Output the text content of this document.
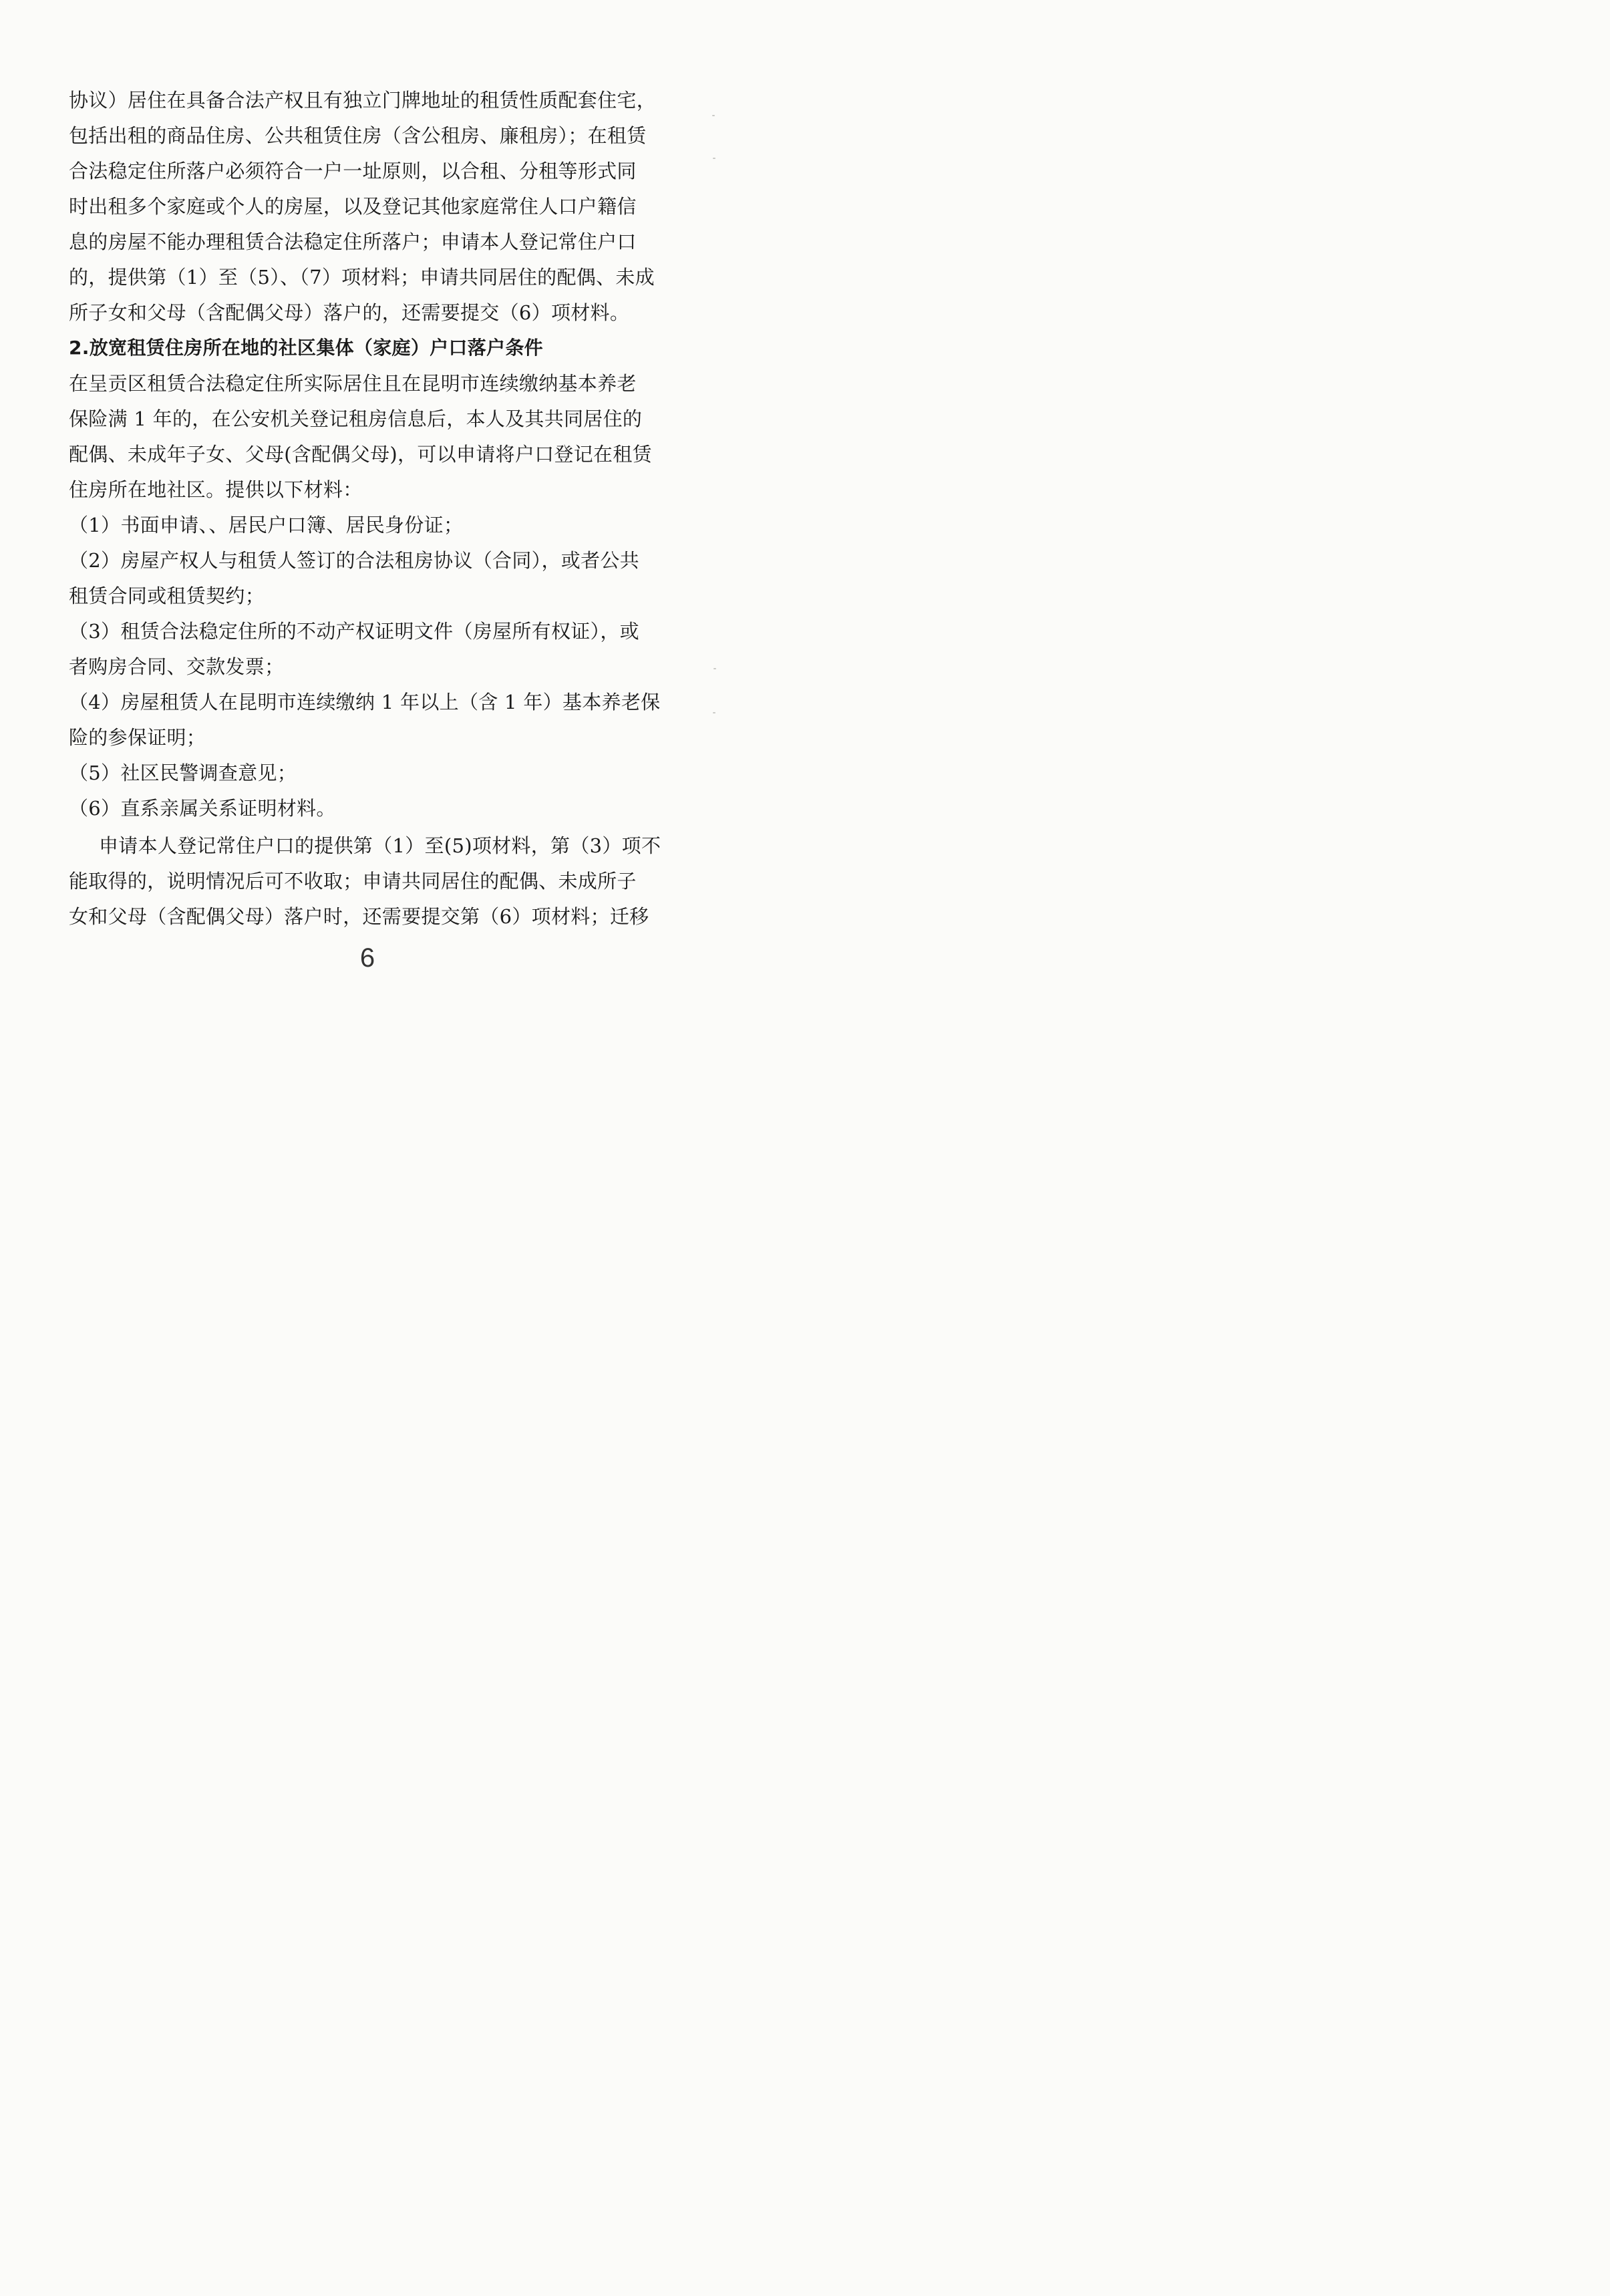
协议）居住在具备合法产权且有独立门牌地址的租赁性质配套住宅，
包括出租的商品住房、公共租赁住房（含公租房、廉租房）；在租赁
合法稳定住所落户必须符合一户一址原则，以合租、分租等形式同
时出租多个家庭或个人的房屋，以及登记其他家庭常住人口户籍信
息的房屋不能办理租赁合法稳定住所落户；申请本人登记常住户口
的，提供第（1）至（5）、（7）项材料；申请共同居住的配偶、未成
所子女和父母（含配偶父母）落户的，还需要提交（6）项材料。
2.放宽租赁住房所在地的社区集体（家庭）户口落户条件
在呈贡区租赁合法稳定住所实际居住且在昆明市连续缴纳基本养老
保险满 1 年的，在公安机关登记租房信息后，本人及其共同居住的
配偶、未成年子女、父母(含配偶父母)，可以申请将户口登记在租赁
住房所在地社区。提供以下材料：
（1）书面申请、、居民户口簿、居民身份证；
（2）房屋产权人与租赁人签订的合法租房协议（合同），或者公共
租赁合同或租赁契约；
（3）租赁合法稳定住所的不动产权证明文件（房屋所有权证），或
者购房合同、交款发票；
（4）房屋租赁人在昆明市连续缴纳 1 年以上（含 1 年）基本养老保
险的参保证明；
（5）社区民警调查意见；
（6）直系亲属关系证明材料。
申请本人登记常住户口的提供第（1）至(5)项材料，第（3）项不
能取得的，说明情况后可不收取；申请共同居住的配偶、未成所子
女和父母（含配偶父母）落户时，还需要提交第（6）项材料；迁移
6
